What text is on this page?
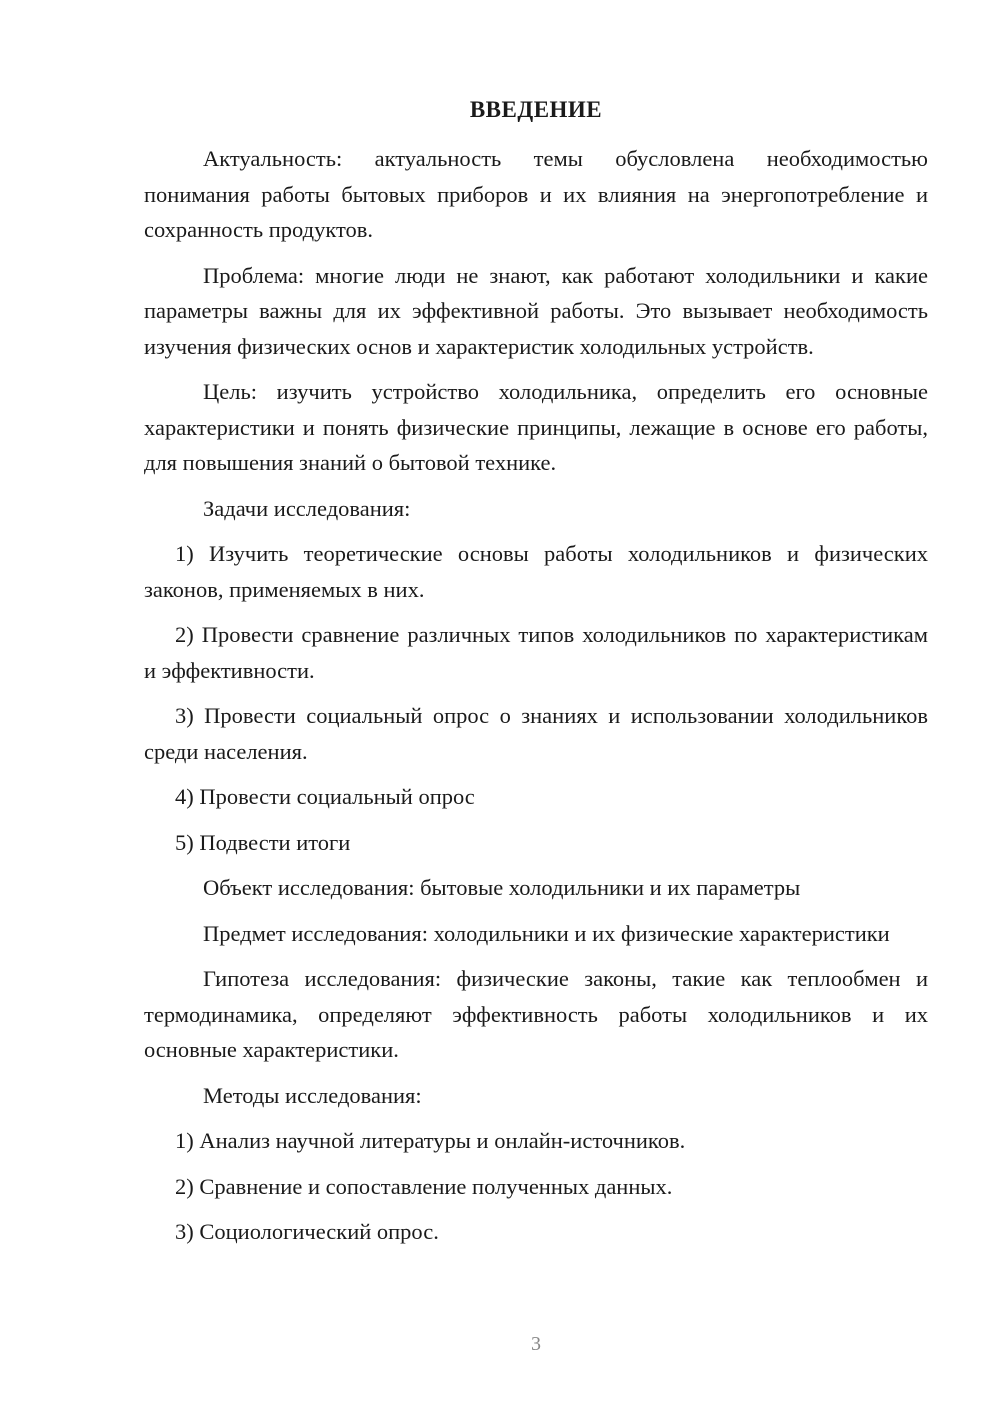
ВВЕДЕНИЕ

Актуальность: актуальность темы обусловлена необходимостью понимания работы бытовых приборов и их влияния на энергопотребление и сохранность продуктов.

Проблема: многие люди не знают, как работают холодильники и какие параметры важны для их эффективной работы. Это вызывает необходимость изучения физических основ и характеристик холодильных устройств.

Цель: изучить устройство холодильника, определить его основные характеристики и понять физические принципы, лежащие в основе его работы, для повышения знаний о бытовой технике.

Задачи исследования:

1) Изучить теоретические основы работы холодильников и физических законов, применяемых в них.

2) Провести сравнение различных типов холодильников по характеристикам и эффективности.

3) Провести социальный опрос о знаниях и использовании холодильников среди населения.

4) Провести социальный опрос

5) Подвести итоги

Объект исследования: бытовые холодильники и их параметры

Предмет исследования: холодильники и их физические характеристики

Гипотеза исследования: физические законы, такие как теплообмен и термодинамика, определяют эффективность работы холодильников и их основные характеристики.

Методы исследования:

1) Анализ научной литературы и онлайн-источников.

2) Сравнение и сопоставление полученных данных.

3) Социологический опрос.

3
